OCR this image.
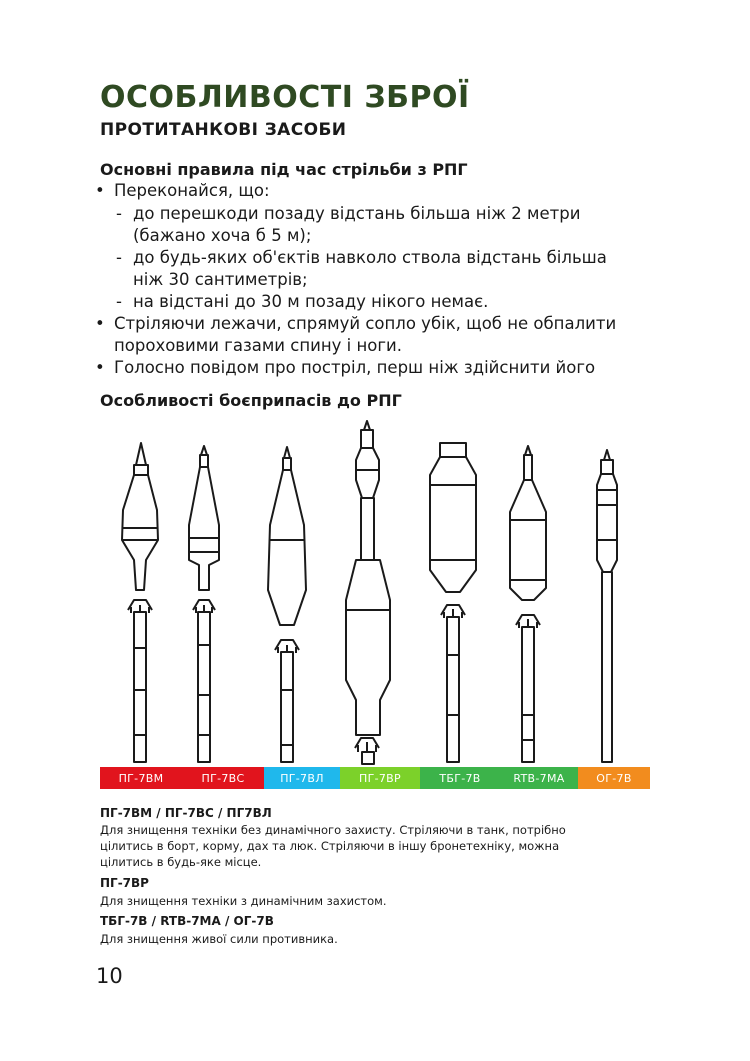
ОСОБЛИВОСТІ ЗБРОЇ
ПРОТИТАНКОВІ ЗАСОБИ
Основні правила під час стрільби з РПГ
• Переконайся, що:
- до перешкоди позаду відстань більша ніж 2 метри
(бажано хоча б 5 м);
- до будь-яких об'єктів навколо ствола відстань більша
ніж 30 сантиметрів;
- на відстані до 30 м позаду нікого немає.
• Стріляючи лежачи, спрямуй сопло убік, щоб не обпалити
пороховими газами спину і ноги.
• Голосно повідом про постріл, перш ніж здійснити його
Особливості боєприпасів до РПГ
ПГ-7ВМ	ПГ-7ВС	ПГ-7ВЛ	ПГ-7ВР	ТБГ-7В	RTB-7MA	ОГ-7В
ПГ-7ВМ / ПГ-7ВС / ПГ7ВЛ
Для знищення техніки без динамічного захисту. Стріляючи в танк, потрібно
цілитись в борт, корму, дах та люк. Стріляючи в іншу бронетехніку, можна
цілитись в будь-яке місце.
ПГ-7ВР
Для знищення техніки з динамічним захистом.
ТБГ-7В / RTB-7MA / ОГ-7В
Для знищення живої сили противника.
10
